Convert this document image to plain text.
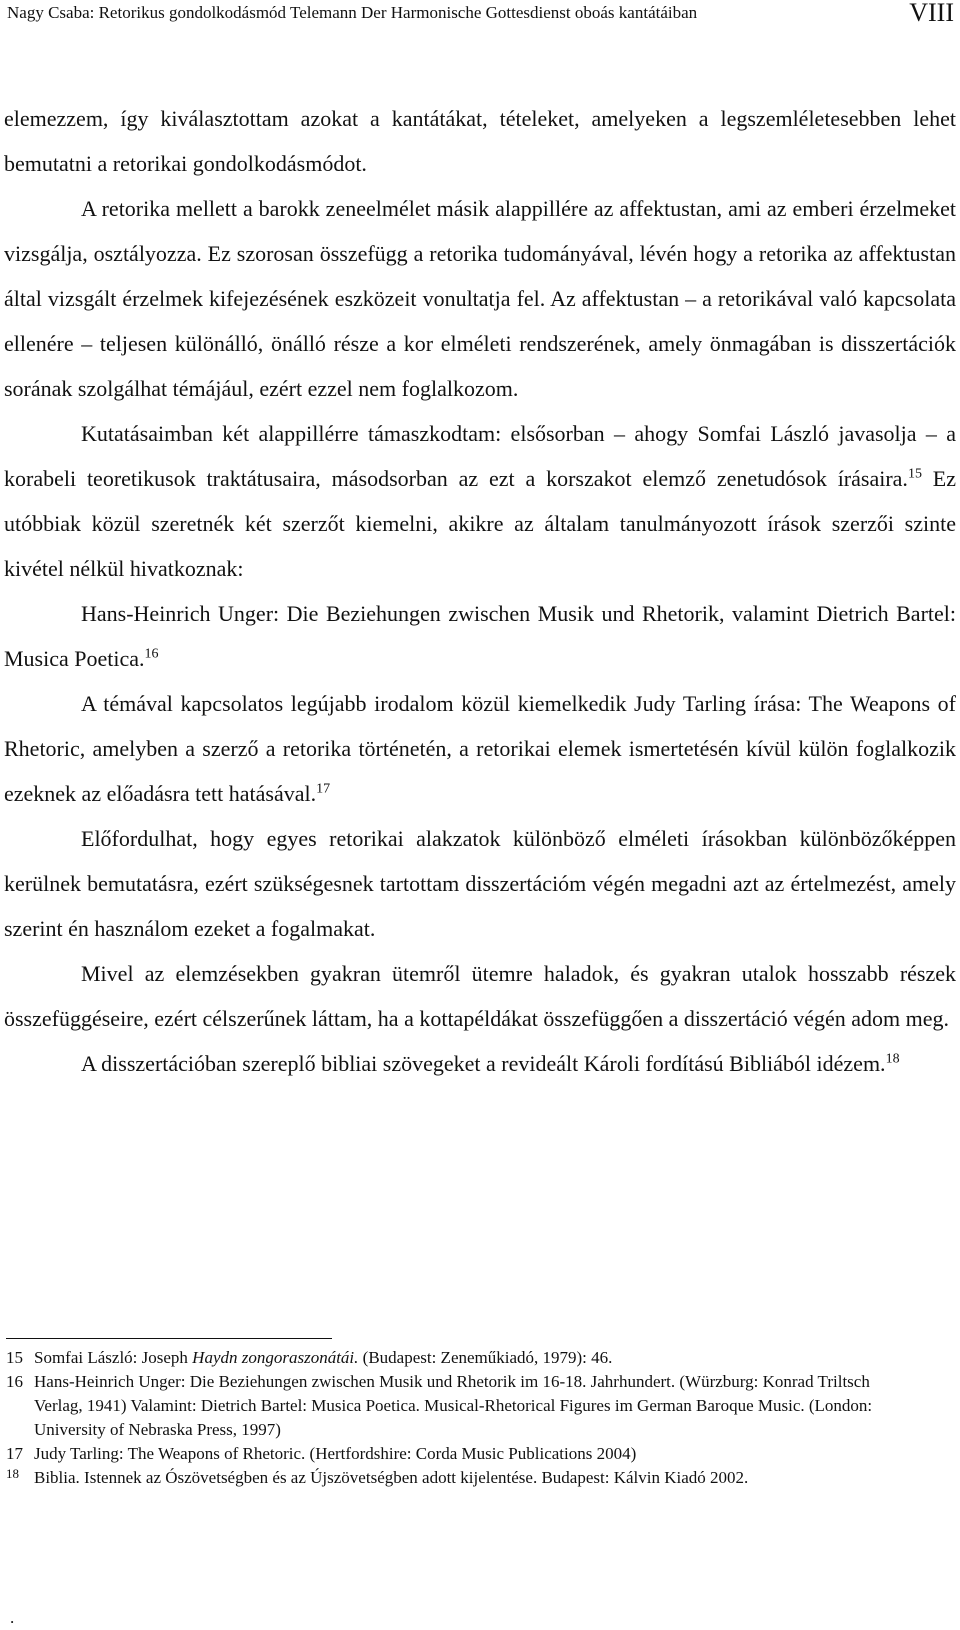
Nagy Csaba: Retorikus gondolkodásmód Telemann Der Harmonische Gottesdienst oboás kantátáiban	VIII

elemezzem, így kiválasztottam azokat a kantátákat, tételeket, amelyeken a legszemléletesebben lehet bemutatni a retorikai gondolkodásmódot.

A retorika mellett a barokk zeneelmélet másik alappillére az affektustan, ami az emberi érzelmeket vizsgálja, osztályozza. Ez szorosan összefügg a retorika tudományával, lévén hogy a retorika az affektustan által vizsgált érzelmek kifejezésének eszközeit vonultatja fel. Az affektustan – a retorikával való kapcsolata ellenére – teljesen különálló, önálló része a kor elméleti rendszerének, amely önmagában is disszertációk sorának szolgálhat témájául, ezért ezzel nem foglalkozom.

Kutatásaimban két alappillérre támaszkodtam: elsősorban – ahogy Somfai László javasolja – a korabeli teoretikusok traktátusaira, másodsorban az ezt a korszakot elemző zenetudósok írásaira.$^{15}$ Ez utóbbiak közül szeretnék két szerzőt kiemelni, akikre az általam tanulmányozott írások szerzői szinte kivétel nélkül hivatkoznak:

Hans-Heinrich Unger: Die Beziehungen zwischen Musik und Rhetorik, valamint Dietrich Bartel: Musica Poetica.$^{16}$

A témával kapcsolatos legújabb irodalom közül kiemelkedik Judy Tarling írása: The Weapons of Rhetoric, amelyben a szerző a retorika történetén, a retorikai elemek ismertetésén kívül külön foglalkozik ezeknek az előadásra tett hatásával.$^{17}$

Előfordulhat, hogy egyes retorikai alakzatok különböző elméleti írásokban különbözőképpen kerülnek bemutatásra, ezért szükségesnek tartottam disszertációm végén megadni azt az értelmezést, amely szerint én használom ezeket a fogalmakat.

Mivel az elemzésekben gyakran ütemről ütemre haladok, és gyakran utalok hosszabb részek összefüggéseire, ezért célszerűnek láttam, ha a kottapéldákat összefüggően a disszertáció végén adom meg.

A disszertációban szereplő bibliai szövegeket a revideált Károli fordítású Bibliából idézem.$^{18}$

15 Somfai László: Joseph Haydn zongoraszonátái. (Budapest: Zeneműkiadó, 1979): 46.
16 Hans-Heinrich Unger: Die Beziehungen zwischen Musik und Rhetorik im 16-18. Jahrhundert. (Würzburg: Konrad Triltsch Verlag, 1941) Valamint: Dietrich Bartel: Musica Poetica. Musical-Rhetorical Figures im German Baroque Music. (London: University of Nebraska Press, 1997)
17 Judy Tarling: The Weapons of Rhetoric. (Hertfordshire: Corda Music Publications 2004)
18 Biblia. Istennek az Ószövetségben és az Újszövetségben adott kijelentése. Budapest: Kálvin Kiadó 2002.
.
